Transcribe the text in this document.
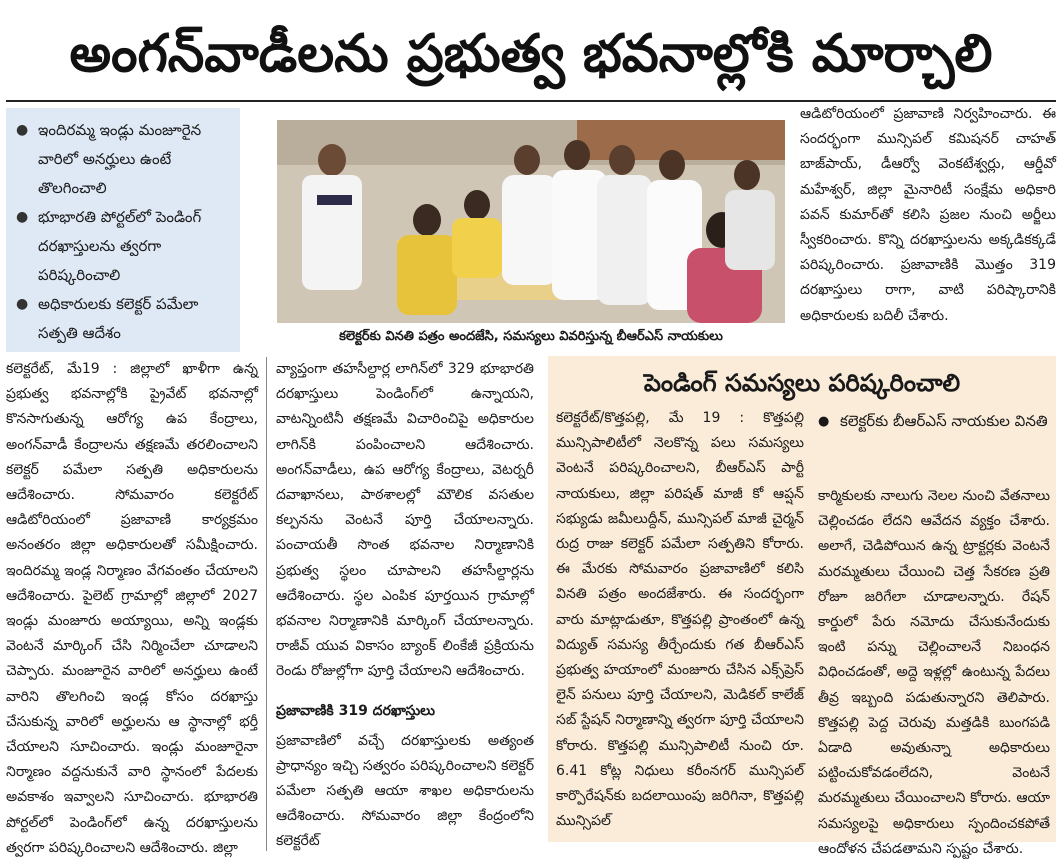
అంగన్‌వాడీలను ప్రభుత్వ భవనాల్లోకి మార్చాలి
● ఇందిరమ్మ ఇండ్లు మంజూరైన వారిలో అనర్హులు ఉంటే తొలగించాలి
● భూభారతి పోర్టల్‌లో పెండింగ్ దరఖాస్తులను త్వరగా పరిష్కరించాలి
● అధికారులకు కలెక్టర్ పమేలా సత్పతి ఆదేశం	కలెక్టర్‌కు వినతి పత్రం అందజేసి, సమస్యలు వివరిస్తున్న బీఆర్ఎస్ నాయకులు

ఆడిటోరియంలో ప్రజావాణి నిర్వహించారు. ఈ సందర్భంగా మున్సిపల్ కమిషనర్ చాహత్ బాజ్‌పాయ్, డీఆర్వో వెంకటేశ్వర్లు, ఆర్డీవో మహేశ్వర్, జిల్లా మైనారిటీ సంక్షేమ అధికారి పవన్ కుమార్‌తో కలిసి ప్రజల నుంచి అర్జీలు స్వీకరించారు. కొన్ని దరఖాస్తులను అక్కడికక్కడే పరిష్కరించారు. ప్రజావాణికి మొత్తం 319 దరఖాస్తులు రాగా, వాటి పరిష్కారానికి అధికారులకు బదిలీ చేశారు.

కలెక్టరేట్, మే19 : జిల్లాలో ఖాళీగా ఉన్న ప్రభుత్వ భవనాల్లోకి ప్రైవేట్ భవనాల్లో కొనసాగుతున్న ఆరోగ్య ఉప కేంద్రాలు, అంగన్‌వాడీ కేంద్రాలను తక్షణమే తరలించాలని కలెక్టర్ పమేలా సత్పతి అధికారులను ఆదేశించారు. సోమవారం కలెక్టరేట్ ఆడిటోరియంలో ప్రజావాణి కార్యక్రమం అనంతరం జిల్లా అధికారులతో సమీక్షించారు. ఇందిరమ్మ ఇండ్ల నిర్మాణం వేగవంతం చేయాలని ఆదేశించారు. పైలెట్ గ్రామాల్లో జిల్లాలో 2027 ఇండ్లు మంజూరు అయ్యాయి, అన్ని ఇండ్లకు వెంటనే మార్కింగ్ చేసి నిర్మించేలా చూడాలని చెప్పారు. మంజూరైన వారిలో అనర్హులు ఉంటే వారిని తొలగించి ఇండ్ల కోసం దరఖాస్తు చేసుకున్న వారిలో అర్హులను ఆ స్థానాల్లో భర్తీ చేయాలని సూచించారు. ఇండ్లు మంజూరైనా నిర్మాణం వద్దనుకునే వారి స్థానంలో పేదలకు అవకాశం ఇవ్వాలని సూచించారు. భూభారతి పోర్టల్‌లో పెండింగ్‌లో ఉన్న దరఖాస్తులను త్వరగా పరిష్కరించాలని ఆదేశించారు. జిల్లా

వ్యాప్తంగా తహసీల్దార్ల లాగిన్‌లో 329 భూభారతి దరఖాస్తులు పెండింగ్‌లో ఉన్నాయని, వాటన్నింటినీ తక్షణమే విచారించిపై అధికారుల లాగిన్‌కి పంపించాలని ఆదేశించారు. అంగన్‌వాడీలు, ఉప ఆరోగ్య కేంద్రాలు, వెటర్నరీ దవాఖానలు, పాఠశాలల్లో మౌలిక వసతుల కల్పనను వెంటనే పూర్తి చేయాలన్నారు. పంచాయతీ సొంత భవనాల నిర్మాణానికి ప్రభుత్వ స్థలం చూపాలని తహసీల్దార్లను ఆదేశించారు. స్థల ఎంపిక పూర్తయిన గ్రామాల్లో భవనాల నిర్మాణానికి మార్కింగ్ చేయాలన్నారు. రాజీవ్ యువ వికాసం బ్యాంక్ లింకేజీ ప్రక్రియను రెండు రోజుల్లోగా పూర్తి చేయాలని ఆదేశించారు.

ప్రజావాణికి 319 దరఖాస్తులు

ప్రజావాణిలో వచ్చే దరఖాస్తులకు అత్యంత ప్రాధాన్యం ఇచ్చి సత్వరం పరిష్కరించాలని కలెక్టర్ పమేలా సత్పతి ఆయా శాఖల అధికారులను ఆదేశించారు. సోమవారం జిల్లా కేంద్రంలోని కలెక్టరేట్

పెండింగ్ సమస్యలు పరిష్కరించాలి

కలెక్టరేట్/కొత్తపల్లి, మే 19 : కొత్తపల్లి మున్సిపాలిటీలో నెలకొన్న పలు సమస్యలు వెంటనే పరిష్కరించాలని, బీఆర్ఎస్ పార్టీ నాయకులు, జిల్లా పరిషత్ మాజీ కో ఆప్షన్ సభ్యుడు జమీలుద్దీన్, మున్సిపల్ మాజీ చైర్మన్ రుద్ర రాజు కలెక్టర్ పమేలా సత్పతిని కోరారు. ఈ మేరకు సోమవారం ప్రజావాణిలో కలిసి వినతి పత్రం అందజేశారు. ఈ సందర్భంగా వారు మాట్లాడుతూ, కొత్తపల్లి ప్రాంతంలో ఉన్న విద్యుత్ సమస్య తీర్చేందుకు గత బీఆర్ఎస్ ప్రభుత్వ హయాంలో మంజూరు చేసిన ఎక్స్‌ప్రెస్ లైన్ పనులు పూర్తి చేయాలని, మెడికల్ కాలేజ్ సబ్ స్టేషన్ నిర్మాణాన్ని త్వరగా పూర్తి చేయాలని కోరారు. కొత్తపల్లి మున్సిపాలిటీ నుంచి రూ. 6.41 కోట్ల నిధులు కరీంనగర్ మున్సిపల్ కార్పొరేషన్‌కు బదలాయింపు జరిగినా, కొత్తపల్లి మున్సిపల్

● కలెక్టర్‌కు బీఆర్ఎస్ నాయకుల వినతి

కార్మికులకు నాలుగు నెలల నుంచి వేతనాలు చెల్లించడం లేదని ఆవేదన వ్యక్తం చేశారు. అలాగే, చెడిపోయిన ఉన్న ట్రాక్టర్లకు వెంటనే మరమ్మతులు చేయించి చెత్త సేకరణ ప్రతి రోజూ జరిగేలా చూడాలన్నారు. రేషన్ కార్డులో పేరు నమోదు చేసుకునేందుకు ఇంటి పన్ను చెల్లించాలనే నిబంధన విధించడంతో, అద్దె ఇళ్లల్లో ఉంటున్న పేదలు తీవ్ర ఇబ్బంది పడుతున్నారని తెలిపారు. కొత్తపల్లి పెద్ద చెరువు మత్తడికి బుంగపడి ఏడాది అవుతున్నా అధికారులు పట్టించుకోవడంలేదని, వెంటనే మరమ్మతులు చేయించాలని కోరారు. ఆయా సమస్యలపై అధికారులు స్పందించకపోతే ఆందోళన చేపడతామని స్పష్టం చేశారు.
